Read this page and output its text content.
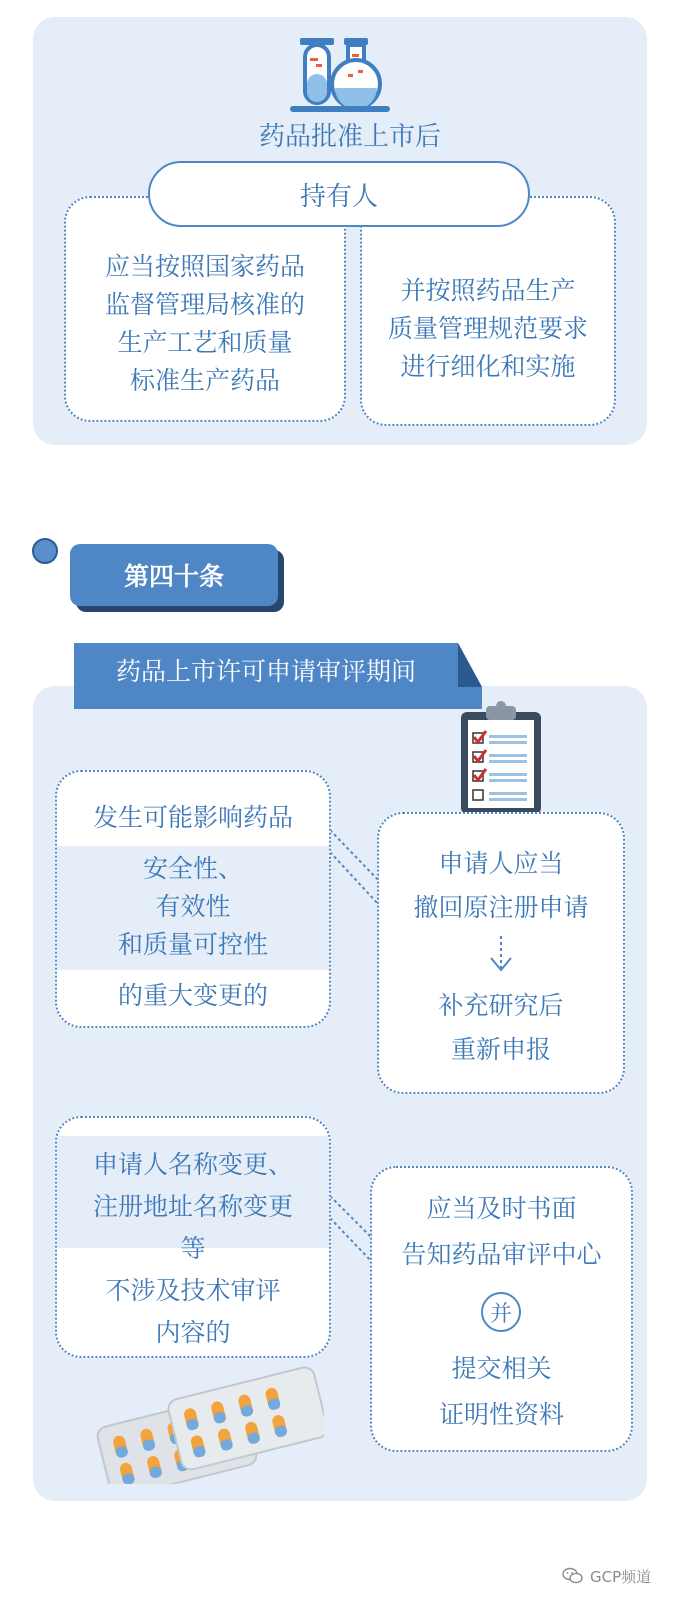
药品批准上市后
应当按照国家药品
监督管理局核准的
生产工艺和质量
标准生产药品
并按照药品生产
质量管理规范要求
进行细化和实施
持有人
第四十条
药品上市许可申请审评期间
发生可能影响药品
安全性、
有效性
和质量可控性
的重大变更的
申请人应当
撤回原注册申请
补充研究后
重新申报
申请人名称变更、
注册地址名称变更
等
不涉及技术审评
内容的
应当及时书面
告知药品审评中心
并
提交相关
证明性资料
GCP频道
